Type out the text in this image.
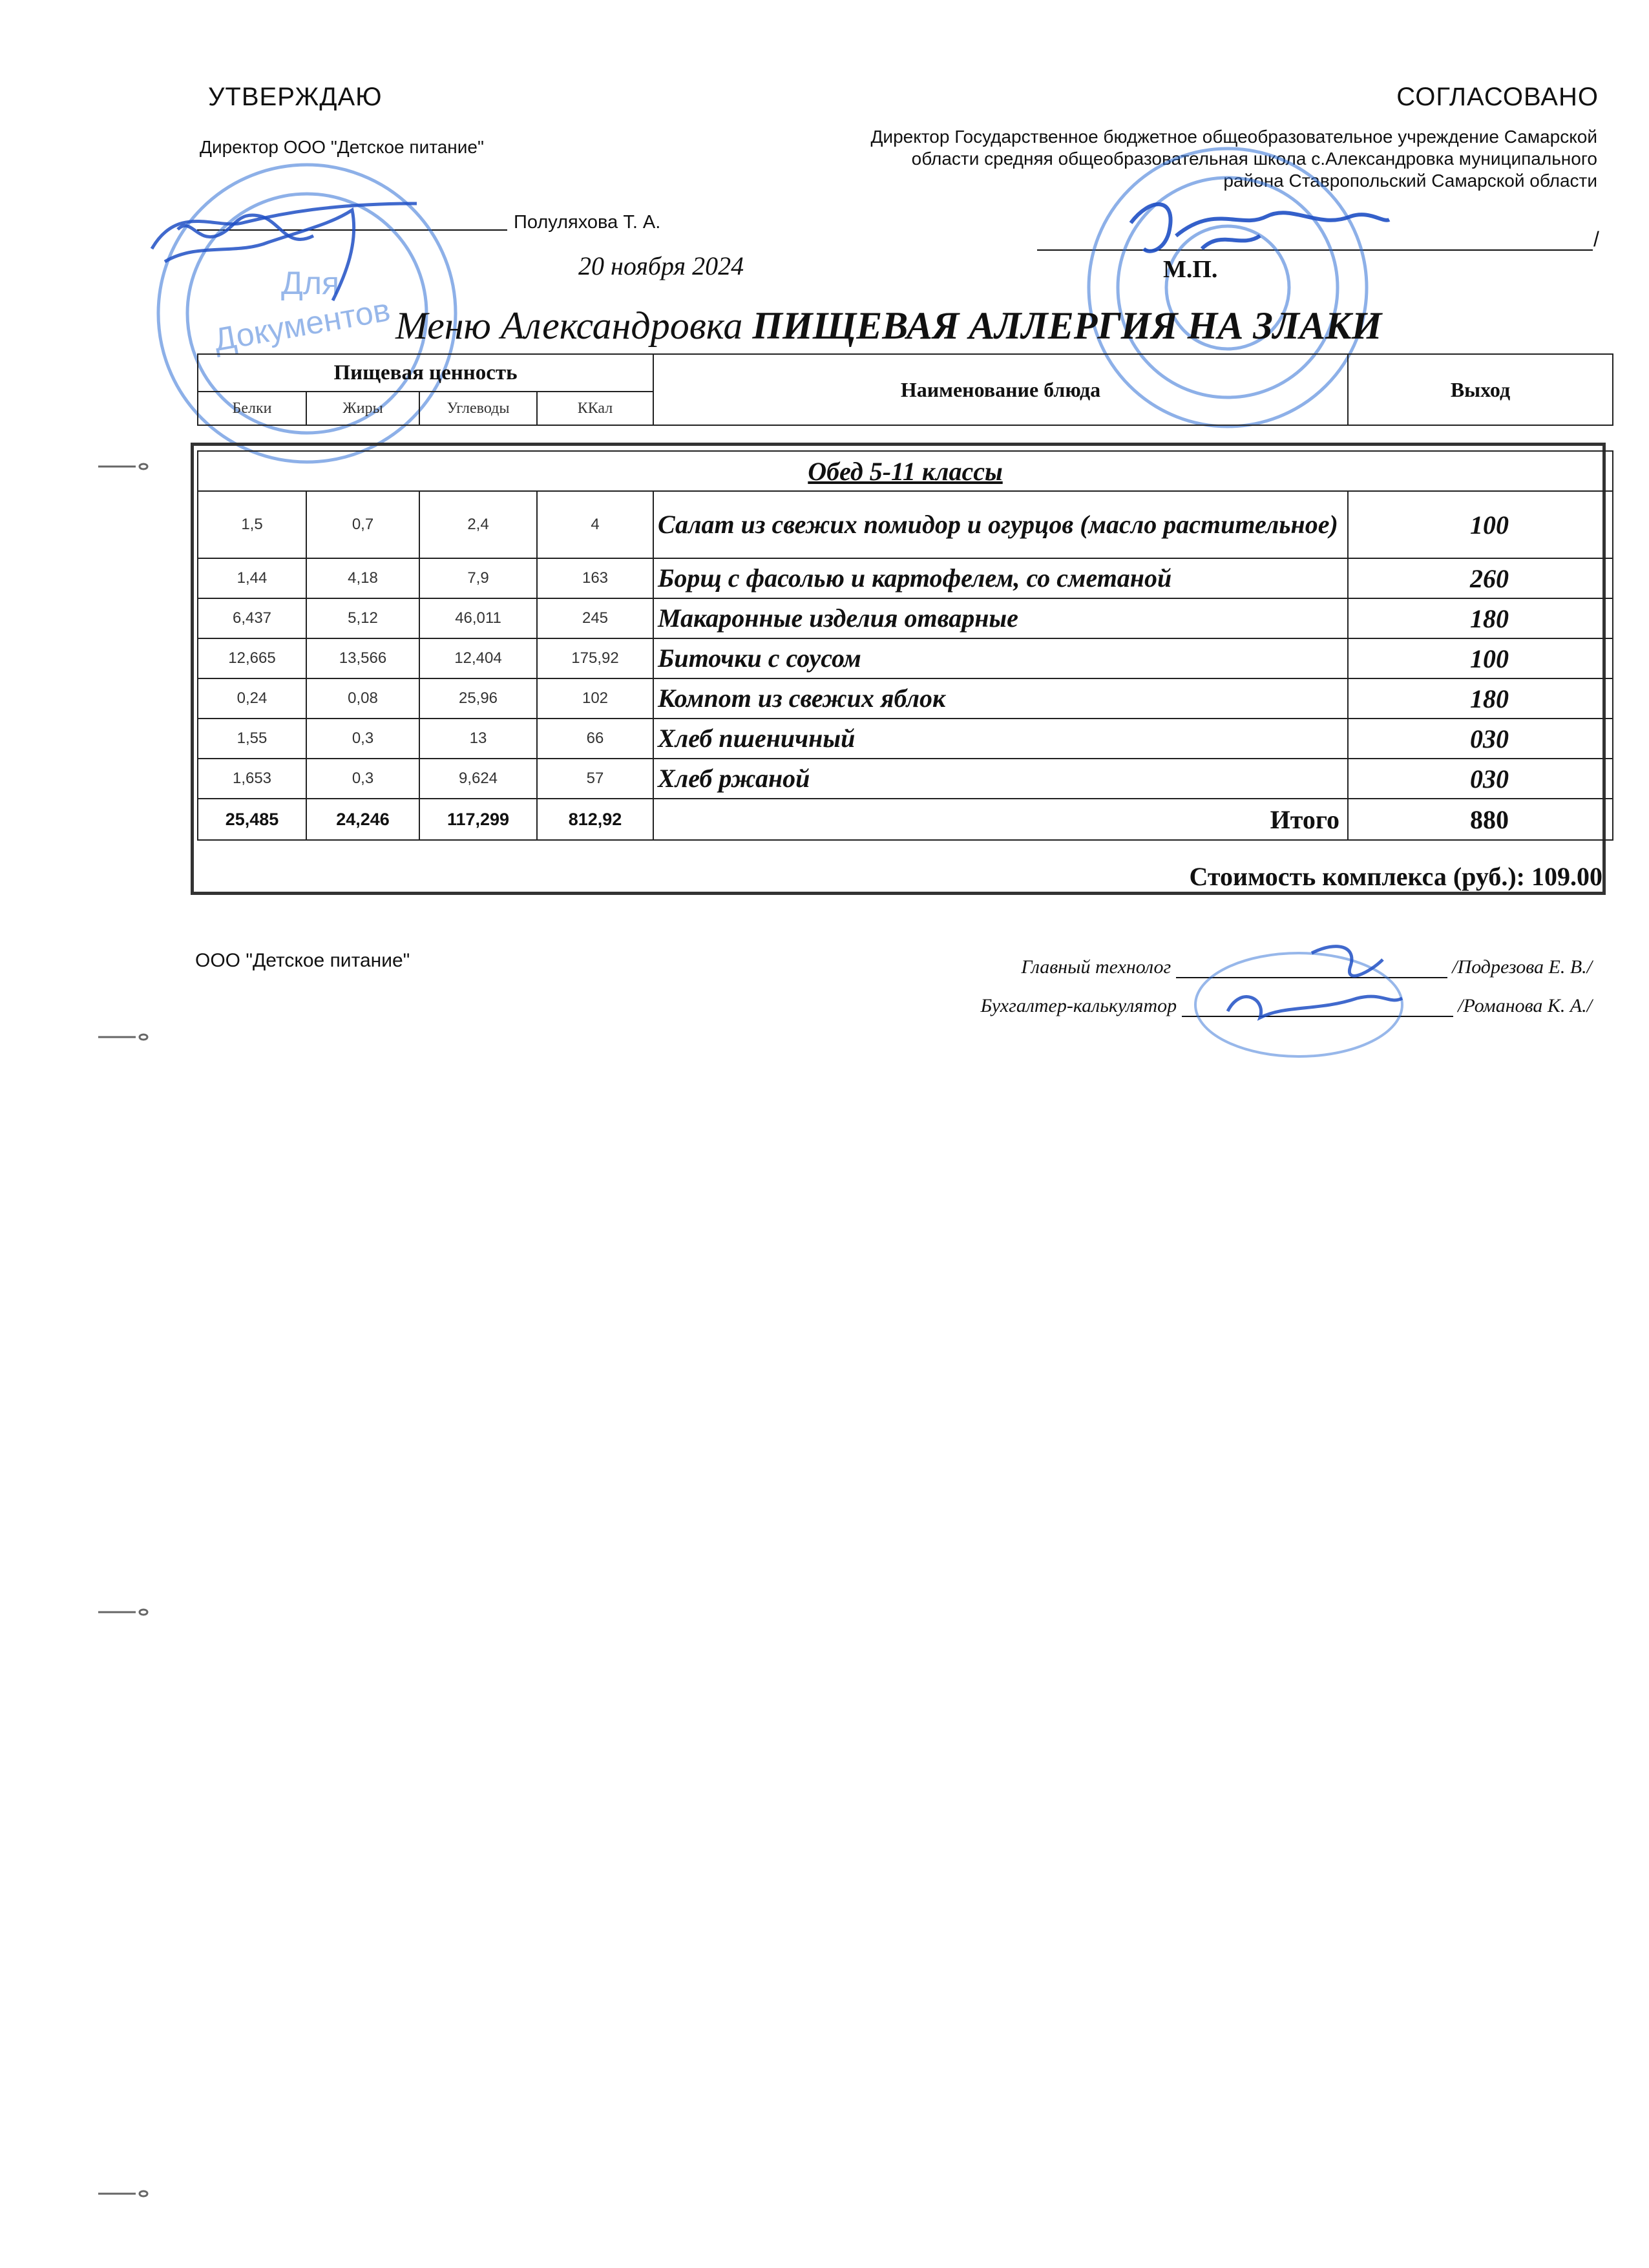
УТВЕРЖДАЮ
Директор ООО "Детское питание"
Полуляхова Т. А.
20 ноября 2024
Для
Документов
СОГЛАСОВАНО
Директор Государственное бюджетное общеобразовательное учреждение Самарской
области средняя общеобразовательная школа с.Александровка муниципального
района Ставропольский Самарской области
/
М.П.
Меню Александровка ПИЩЕВАЯ АЛЛЕРГИЯ НА ЗЛАКИ
Пищевая ценность				Наименование блюда	Выход
Белки	Жиры	Углеводы	ККал		
Обед 5-11 классы					
1,5	0,7	2,4	4	Салат из свежих помидор и огурцов (масло растительное)	100
1,44	4,18	7,9	163	Борщ с фасолью и картофелем, со сметаной	260
6,437	5,12	46,011	245	Макаронные изделия отварные	180
12,665	13,566	12,404	175,92	Биточки с соусом	100
0,24	0,08	25,96	102	Компот из свежих яблок	180
1,55	0,3	13	66	Хлеб пшеничный	030
1,653	0,3	9,624	57	Хлеб ржаной	030
25,485	24,246	117,299	812,92	Итого	880
Стоимость комплекса (руб.): 109.00
ООО "Детское питание"	Главный технолог	/Подрезова Е. В./
Бухгалтер-калькулятор	/Романова К. А./
